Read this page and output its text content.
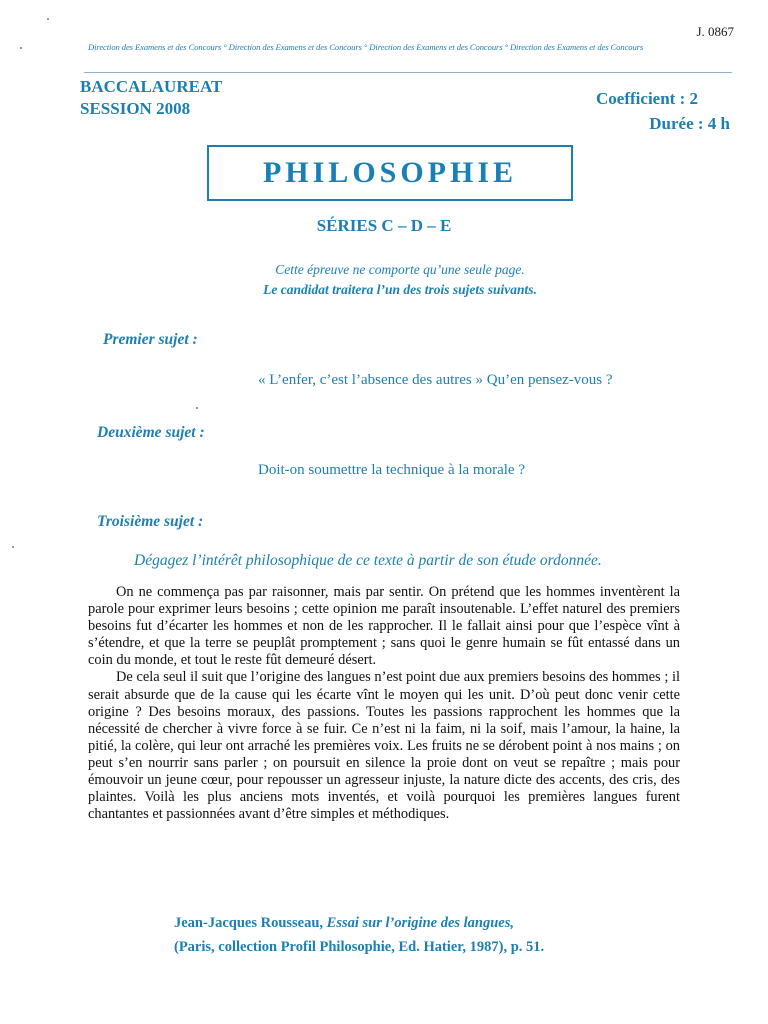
J. 0867
Direction des Examens et des Concours ° Direction des Examens et des Concours ° Direction des Examens et des Concours ° Direction des Examens et des Concours
BACCALAUREAT
SESSION 2008
Coefficient : 2
Durée : 4 h
PHILOSOPHIE
SÉRIES C – D – E
Cette épreuve ne comporte qu’une seule page.
Le candidat traitera l’un des trois sujets suivants.
Premier sujet :
« L’enfer, c’est l’absence des autres » Qu’en pensez-vous ?
Deuxième sujet :
Doit-on soumettre la technique à la morale ?
Troisième sujet :
Dégagez l’intérêt philosophique de ce texte à partir de son étude ordonnée.

On ne commença pas par raisonner, mais par sentir. On prétend que les hommes inventèrent la parole pour exprimer leurs besoins ; cette opinion me paraît insoutenable. L’effet naturel des premiers besoins fut d’écarter les hommes et non de les rapprocher. Il le fallait ainsi pour que l’espèce vînt à s’étendre, et que la terre se peuplât promptement ; sans quoi le genre humain se fût entassé dans un coin du monde, et tout le reste fût demeuré désert.

De cela seul il suit que l’origine des langues n’est point due aux premiers besoins des hommes ; il serait absurde que de la cause qui les écarte vînt le moyen qui les unit. D’où peut donc venir cette origine ? Des besoins moraux, des passions. Toutes les passions rapprochent les hommes que la nécessité de chercher à vivre force à se fuir. Ce n’est ni la faim, ni la soif, mais l’amour, la haine, la pitié, la colère, qui leur ont arraché les premières voix. Les fruits ne se dérobent point à nos mains ; on peut s’en nourrir sans parler ; on poursuit en silence la proie dont on veut se repaître ; mais pour émouvoir un jeune cœur, pour repousser un agresseur injuste, la nature dicte des accents, des cris, des plaintes. Voilà les plus anciens mots inventés, et voilà pourquoi les premières langues furent chantantes et passionnées avant d’être simples et méthodiques.

Jean-Jacques Rousseau, Essai sur l’origine des langues,
(Paris, collection Profil Philosophie, Ed. Hatier, 1987), p. 51.
